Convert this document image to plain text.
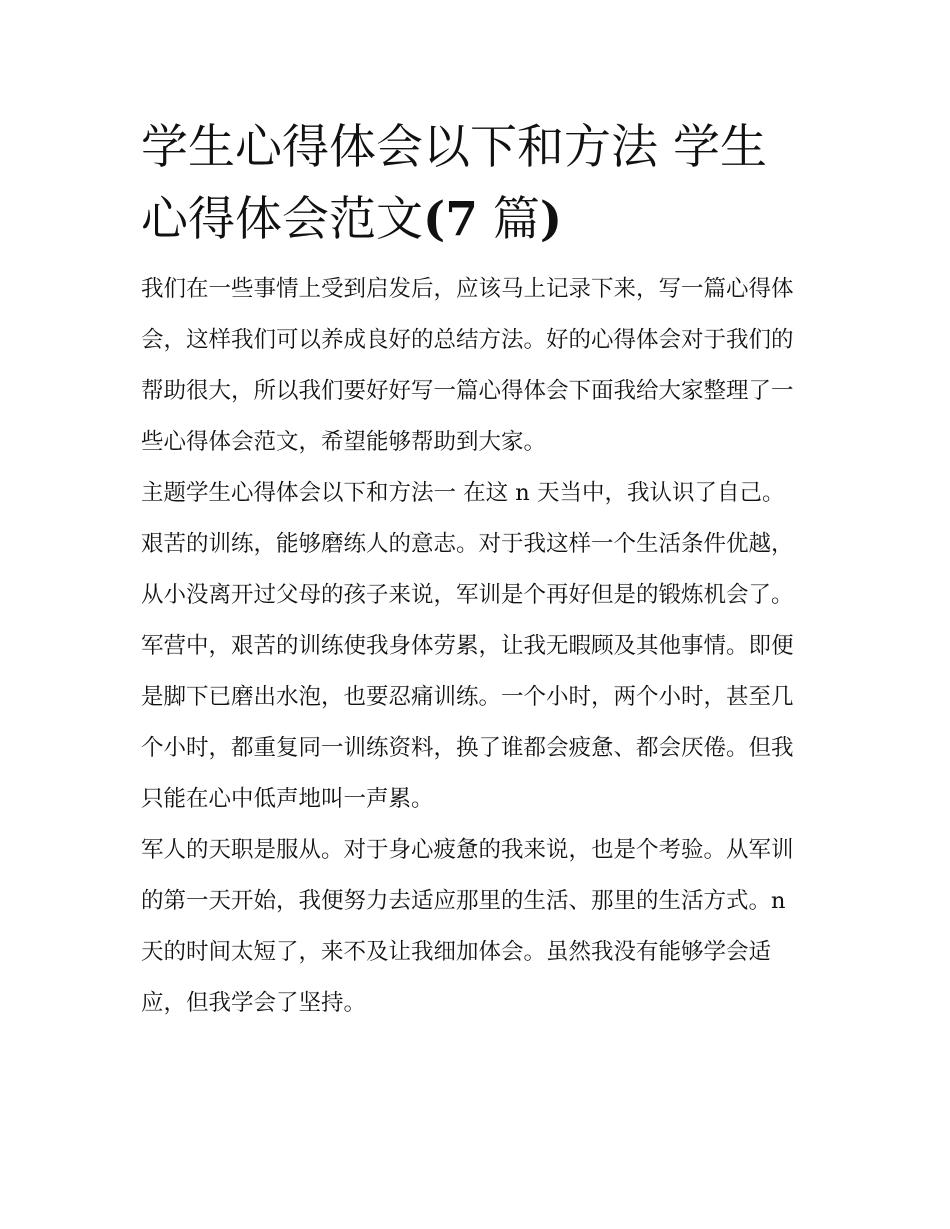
学生心得体会以下和方法 学生心得体会范文(7 篇)

我们在一些事情上受到启发后，应该马上记录下来，写一篇心得体会，这样我们可以养成良好的总结方法。好的心得体会对于我们的帮助很大，所以我们要好好写一篇心得体会下面我给大家整理了一些心得体会范文，希望能够帮助到大家。

主题学生心得体会以下和方法一 在这 n 天当中，我认识了自己。

艰苦的训练，能够磨练人的意志。对于我这样一个生活条件优越，从小没离开过父母的孩子来说，军训是个再好但是的锻炼机会了。军营中，艰苦的训练使我身体劳累，让我无暇顾及其他事情。即便是脚下已磨出水泡，也要忍痛训练。一个小时，两个小时，甚至几个小时，都重复同一训练资料，换了谁都会疲惫、都会厌倦。但我只能在心中低声地叫一声累。

军人的天职是服从。对于身心疲惫的我来说，也是个考验。从军训的第一天开始，我便努力去适应那里的生活、那里的生活方式。n 天的时间太短了，来不及让我细加体会。虽然我没有能够学会适应，但我学会了坚持。
